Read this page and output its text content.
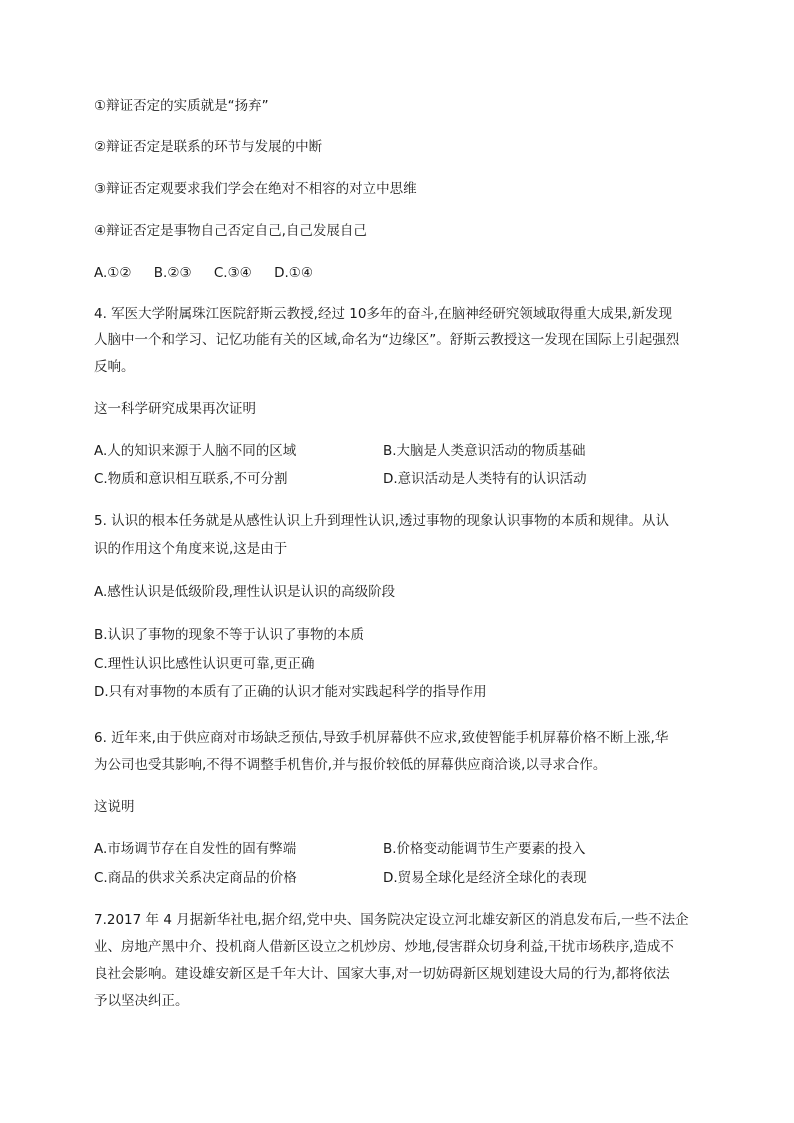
①辩证否定的实质就是“扬弃”
②辩证否定是联系的环节与发展的中断
③辩证否定观要求我们学会在绝对不相容的对立中思维
④辩证否定是事物自己否定自己,自己发展自己
A.①② B.②③ C.③④ D.①④
4. 军医大学附属珠江医院舒斯云教授,经过 10多年的奋斗,在脑神经研究领域取得重大成果,新发现
人脑中一个和学习、记忆功能有关的区域,命名为“边缘区”。舒斯云教授这一发现在国际上引起强烈
反响。
这一科学研究成果再次证明
A.人的知识来源于人脑不同的区域	B.大脑是人类意识活动的物质基础
C.物质和意识相互联系,不可分割	D.意识活动是人类特有的认识活动
5. 认识的根本任务就是从感性认识上升到理性认识,透过事物的现象认识事物的本质和规律。从认
识的作用这个角度来说,这是由于
A.感性认识是低级阶段,理性认识是认识的高级阶段
B.认识了事物的现象不等于认识了事物的本质
C.理性认识比感性认识更可靠,更正确
D.只有对事物的本质有了正确的认识才能对实践起科学的指导作用
6. 近年来,由于供应商对市场缺乏预估,导致手机屏幕供不应求,致使智能手机屏幕价格不断上涨,华
为公司也受其影响,不得不调整手机售价,并与报价较低的屏幕供应商洽谈,以寻求合作。
这说明
A.市场调节存在自发性的固有弊端	B.价格变动能调节生产要素的投入
C.商品的供求关系决定商品的价格	D.贸易全球化是经济全球化的表现
7.2017 年 4 月据新华社电,据介绍,党中央、国务院决定设立河北雄安新区的消息发布后,一些不法企
业、房地产黑中介、投机商人借新区设立之机炒房、炒地,侵害群众切身利益,干扰市场秩序,造成不
良社会影响。建设雄安新区是千年大计、国家大事,对一切妨碍新区规划建设大局的行为,都将依法
予以坚决纠正。
